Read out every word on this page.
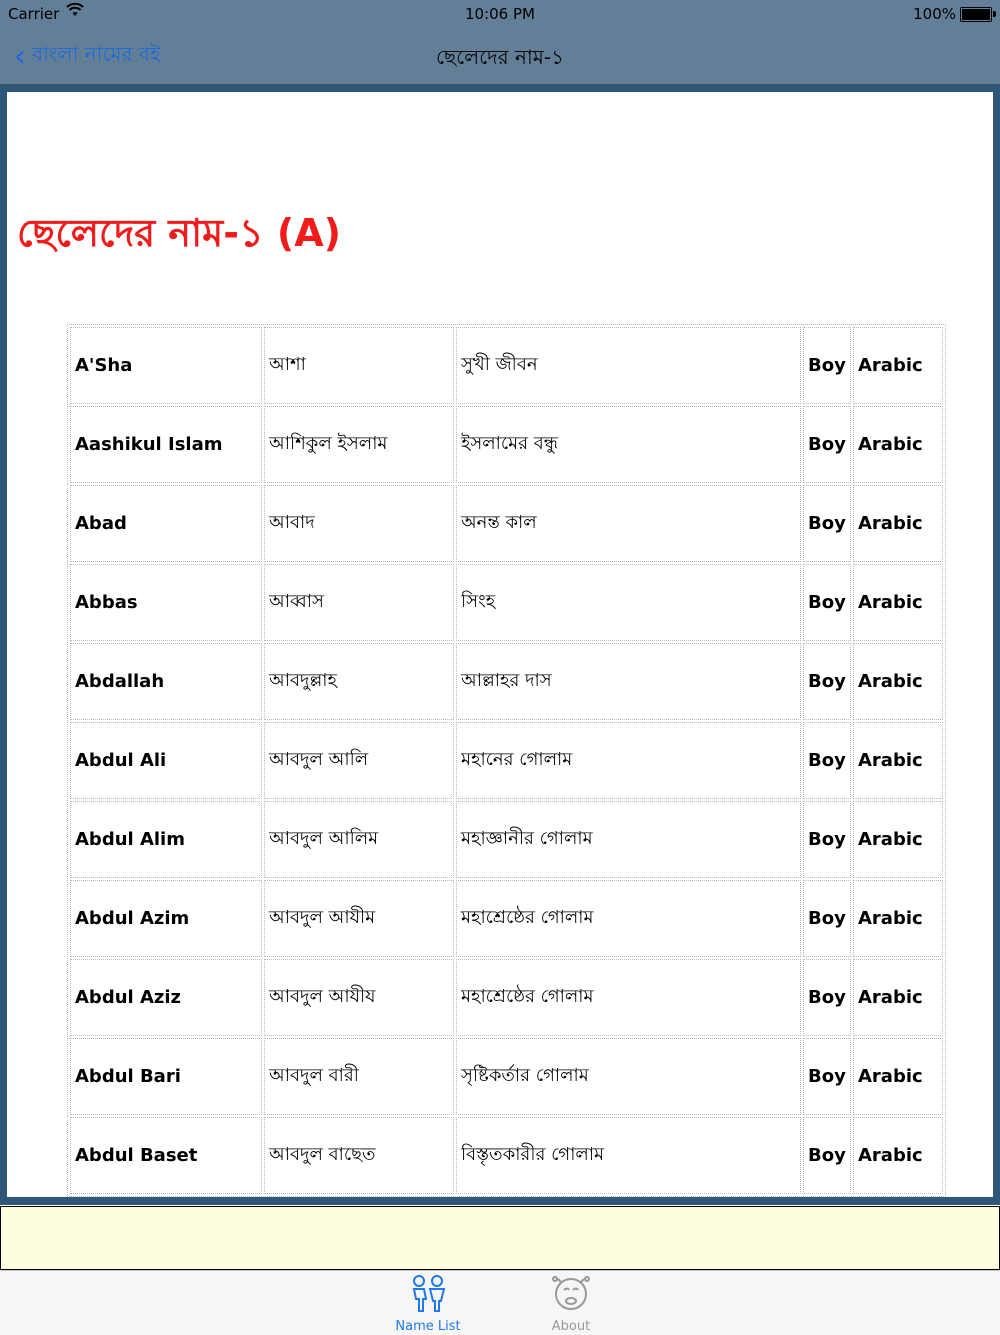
Carrier	10:06 PM	100%
‹ বাংলা নামের বই	ছেলেদের নাম-১
ছেলেদের নাম-১ (A)
A'Sha	আশা	সুখী জীবন	Boy	Arabic
Aashikul Islam	আশিকুল ইসলাম	ইসলামের বন্ধু	Boy	Arabic
Abad	আবাদ	অনন্ত কাল	Boy	Arabic
Abbas	আব্বাস	সিংহ	Boy	Arabic
Abdallah	আবদুল্লাহ	আল্লাহর দাস	Boy	Arabic
Abdul Ali	আবদুল আলি	মহানের গোলাম	Boy	Arabic
Abdul Alim	আবদুল আলিম	মহাজ্ঞানীর গোলাম	Boy	Arabic
Abdul Azim	আবদুল আযীম	মহাশ্রেষ্ঠের গোলাম	Boy	Arabic
Abdul Aziz	আবদুল আযীয	মহাশ্রেষ্ঠের গোলাম	Boy	Arabic
Abdul Bari	আবদুল বারী	সৃষ্টিকর্তার গোলাম	Boy	Arabic
Abdul Baset	আবদুল বাছেত	বিস্তৃতকারীর গোলাম	Boy	Arabic
Name List	About
